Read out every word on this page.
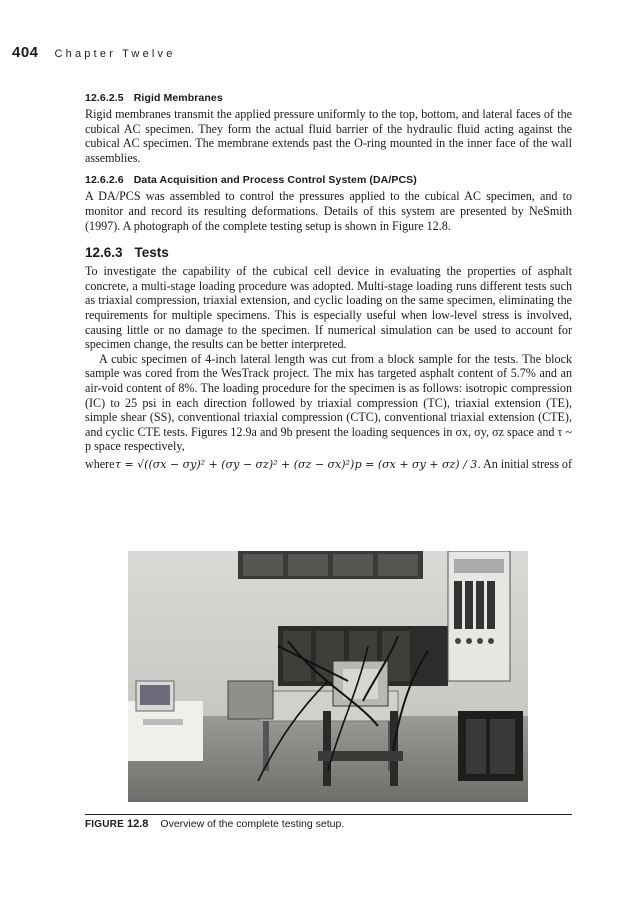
404 Chapter Twelve
12.6.2.5 Rigid Membranes

Rigid membranes transmit the applied pressure uniformly to the top, bottom, and lateral faces of the cubical AC specimen. They form the actual fluid barrier of the hydraulic fluid acting against the cubical AC specimen. The membrane extends past the O-ring mounted in the inner face of the wall assemblies.

12.6.2.6 Data Acquisition and Process Control System (DA/PCS)

A DA/PCS was assembled to control the pressures applied to the cubical AC specimen, and to monitor and record its resulting deformations. Details of this system are presented by NeSmith (1997). A photograph of the complete testing setup is shown in Figure 12.8.

12.6.3 Tests

To investigate the capability of the cubical cell device in evaluating the properties of asphalt concrete, a multi-stage loading procedure was adopted. Multi-stage loading runs different tests such as triaxial compression, triaxial extension, and cyclic loading on the same specimen, eliminating the requirements for multiple specimens. This is especially useful when low-level stress is involved, causing little or no damage to the specimen. If numerical simulation can be used to account for specimen change, the results can be better interpreted.

A cubic specimen of 4-inch lateral length was cut from a block sample for the tests. The block sample was cored from the WesTrack project. The mix has targeted asphalt content of 5.7% and an air-void content of 8%. The loading procedure for the specimen is as follows: isotropic compression (IC) to 25 psi in each direction followed by triaxial compression (TC), triaxial extension (TE), simple shear (SS), conventional triaxial compression (CTC), conventional triaxial extension (CTE), and cyclic CTE tests. Figures 12.9a and 9b present the loading sequences in σx, σy, σz space and τ ~ p space respectively,

where τ = √((σx − σy)² + (σy − σz)² + (σz − σx)²) p = (σx + σy + σz) / 3 . An initial stress of
FIGURE 12.8 Overview of the complete testing setup.
